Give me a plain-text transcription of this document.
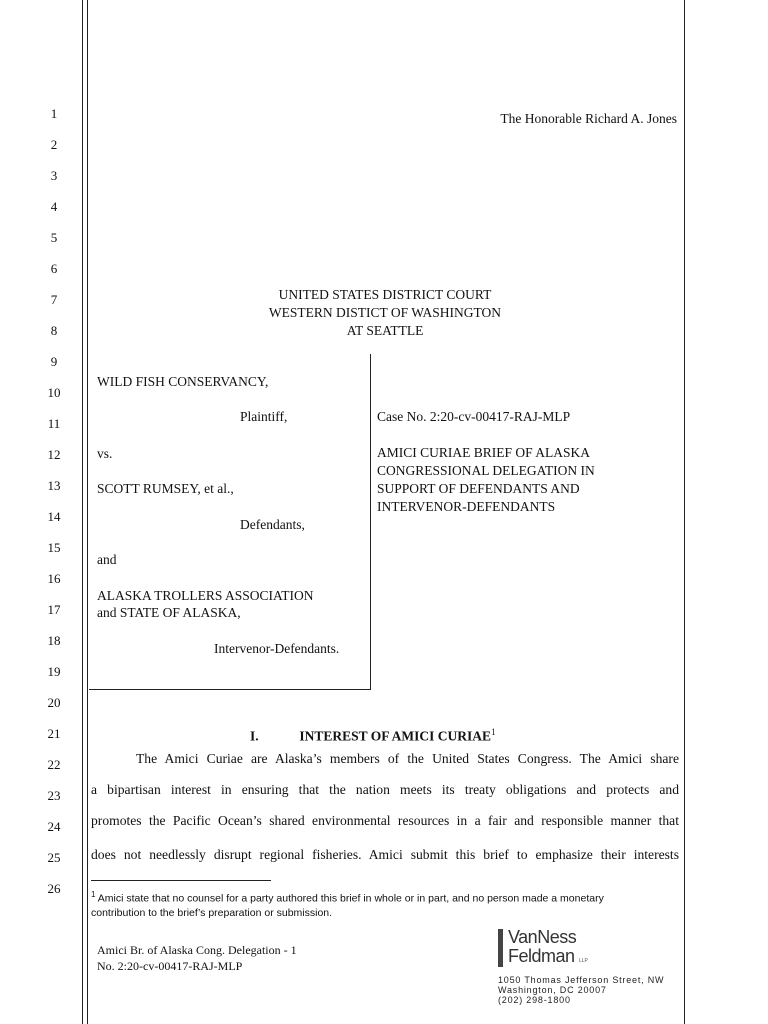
1
2
3
4
5
6
7
8
9
10
11
12
13
14
15
16
17
18
19
20
21
22
23
24
25
26
The Honorable Richard A. Jones
UNITED STATES DISTRICT COURT
WESTERN DISTICT OF WASHINGTON
AT SEATTLE
WILD FISH CONSERVANCY,
Plaintiff,
vs.
SCOTT RUMSEY, et al.,
Defendants,
and
ALASKA TROLLERS ASSOCIATION
and STATE OF ALASKA,
Intervenor-Defendants.
Case No. 2:20-cv-00417-RAJ-MLP
AMICI CURIAE BRIEF OF ALASKA
CONGRESSIONAL DELEGATION IN
SUPPORT OF DEFENDANTS AND
INTERVENOR-DEFENDANTS
I.	INTEREST OF AMICI CURIAE$^1$
The Amici Curiae are Alaska’s members of the United States Congress. The Amici share
a bipartisan interest in ensuring that the nation meets its treaty obligations and protects and
promotes the Pacific Ocean’s shared environmental resources in a fair and responsible manner that
does not needlessly disrupt regional fisheries. Amici submit this brief to emphasize their interests
$^1$ Amici state that no counsel for a party authored this brief in whole or in part, and no person made a monetary
contribution to the brief’s preparation or submission.
Amici Br. of Alaska Cong. Delegation - 1
No. 2:20-cv-00417-RAJ-MLP
VanNess
Feldman LLP
1050 Thomas Jefferson Street, NW
Washington, DC 20007
(202) 298-1800
